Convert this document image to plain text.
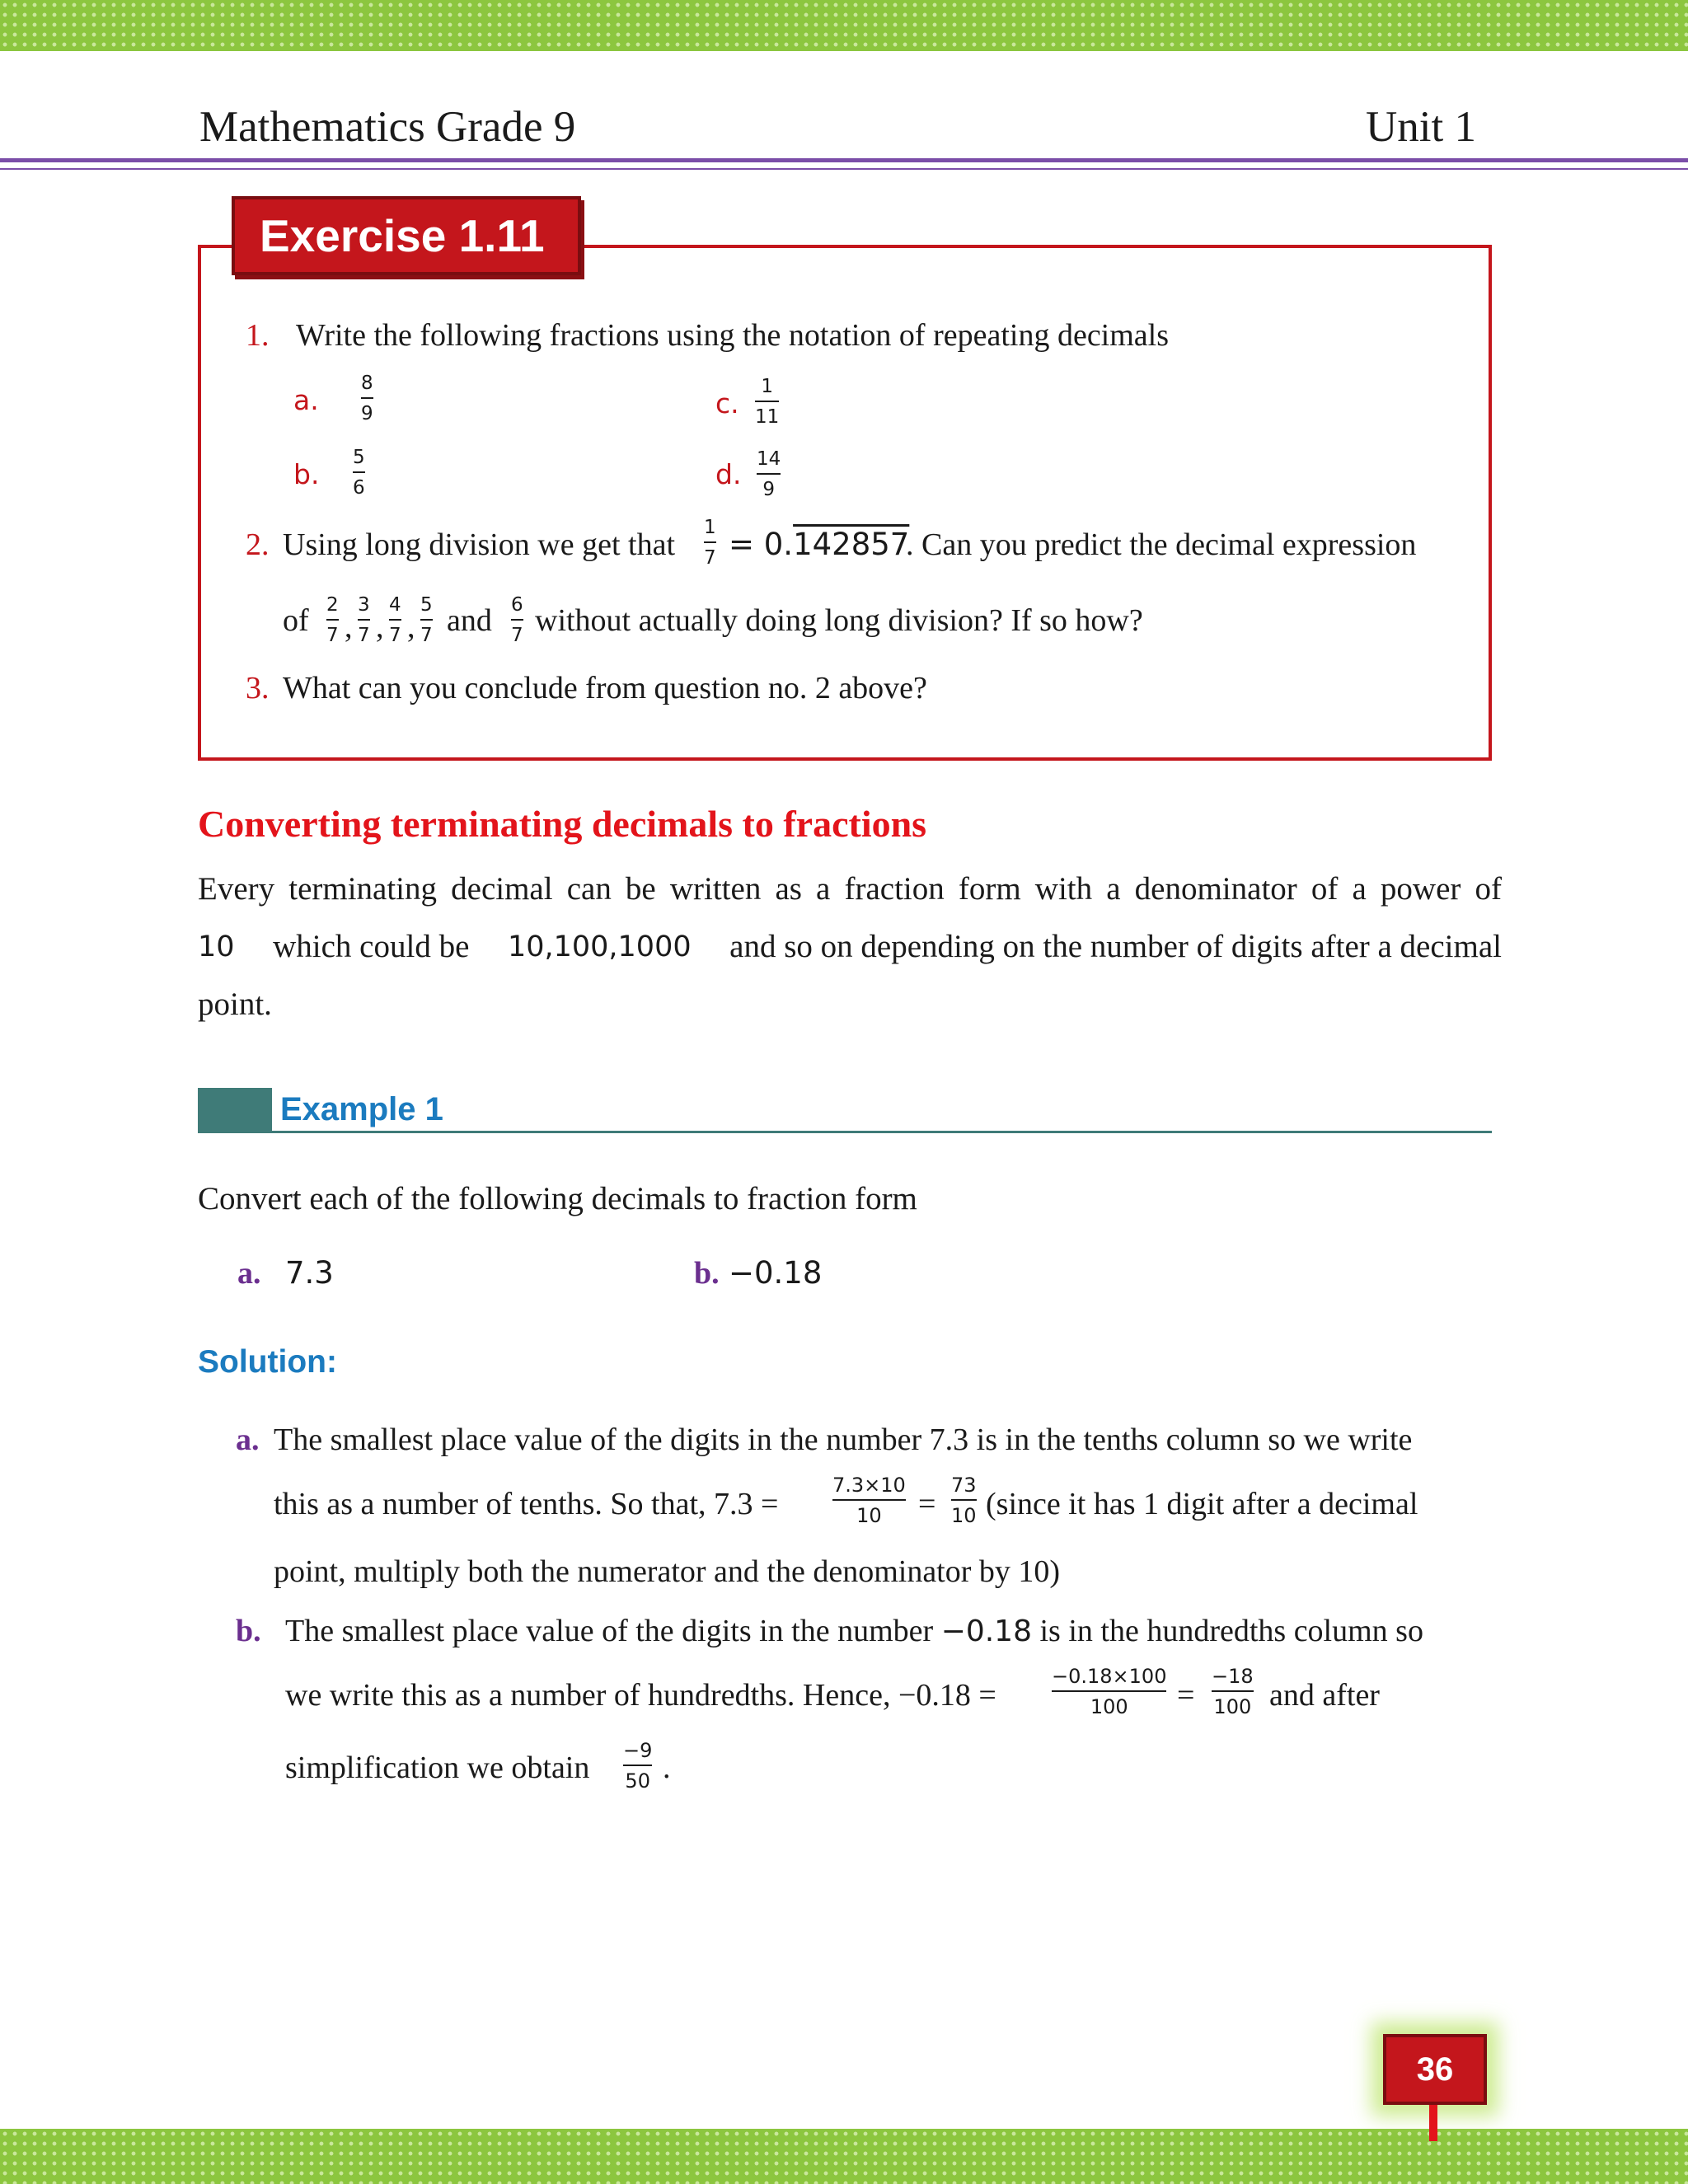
Mathematics Grade 9	Unit 1
Exercise 1.11
1. Write the following fractions using the notation of repeating decimals
a.
8
9
b.
5
6
c.
1
11
d. 14
9
2. Using long division we get that 1
7 = 0.142857
. Can you predict the decimal expression
of 2
7 ,
3
7 ,
4
7 ,
5
7 and 6
7 without actually doing long division? If so how?
3. What can you conclude from question no. 2 above?
Converting terminating decimals to fractions
Every terminating decimal can be written as a fraction form with a denominator of a power of
10 which could be 10,100,1000 and so on depending on the number of digits after a decimal
point.
Example 1
Convert each of the following decimals to fraction form
a. 7.3	b. −0.18
Solution:
a. The smallest place value of the digits in the number 7.3 is in the tenths column so we write
this as a number of tenths. So that, 7.3 =
7.3×10
10 =
73
10 (since it has 1 digit after a decimal
point, multiply both the numerator and the denominator by 10)
b. The smallest place value of the digits in the number −0.18 is in the hundredths column so
we write this as a number of hundredths. Hence, −0.18 =
−0.18×100
100 =
−18
100 and after
simplification we obtain −9
50 .
36
